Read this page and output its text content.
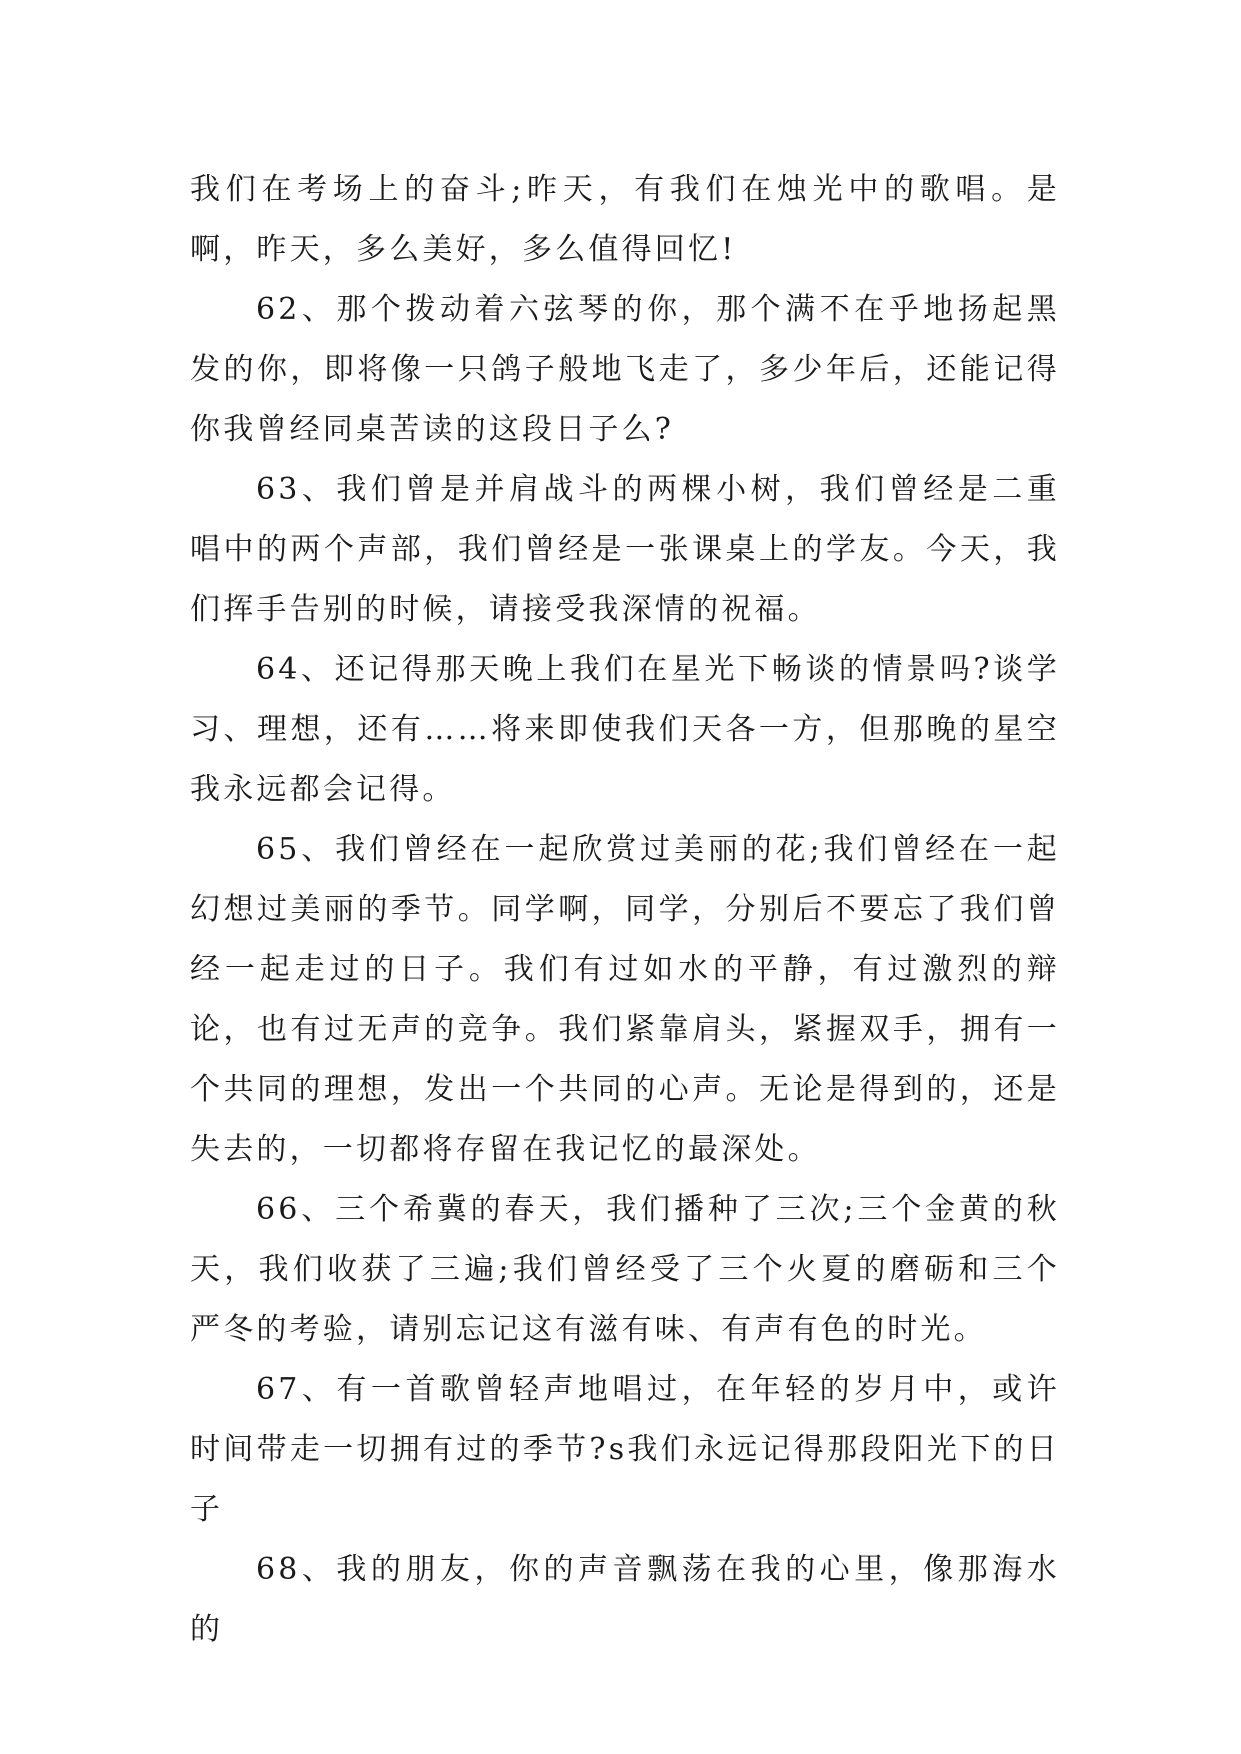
我们在考场上的奋斗;昨天，有我们在烛光中的歌唱。是啊，昨天，多么美好，多么值得回忆!

62、那个拨动着六弦琴的你，那个满不在乎地扬起黑发的你，即将像一只鸽子般地飞走了，多少年后，还能记得你我曾经同桌苦读的这段日子么?

63、我们曾是并肩战斗的两棵小树，我们曾经是二重唱中的两个声部，我们曾经是一张课桌上的学友。今天，我们挥手告别的时候，请接受我深情的祝福。

64、还记得那天晚上我们在星光下畅谈的情景吗?谈学习、理想，还有……将来即使我们天各一方，但那晚的星空我永远都会记得。

65、我们曾经在一起欣赏过美丽的花;我们曾经在一起幻想过美丽的季节。同学啊，同学，分别后不要忘了我们曾经一起走过的日子。我们有过如水的平静，有过激烈的辩论，也有过无声的竞争。我们紧靠肩头，紧握双手，拥有一个共同的理想，发出一个共同的心声。无论是得到的，还是失去的，一切都将存留在我记忆的最深处。

66、三个希冀的春天，我们播种了三次;三个金黄的秋天，我们收获了三遍;我们曾经受了三个火夏的磨砺和三个严冬的考验，请别忘记这有滋有味、有声有色的时光。

67、有一首歌曾轻声地唱过，在年轻的岁月中，或许时间带走一切拥有过的季节?s我们永远记得那段阳光下的日子

68、我的朋友，你的声音飘荡在我的心里，像那海水的
